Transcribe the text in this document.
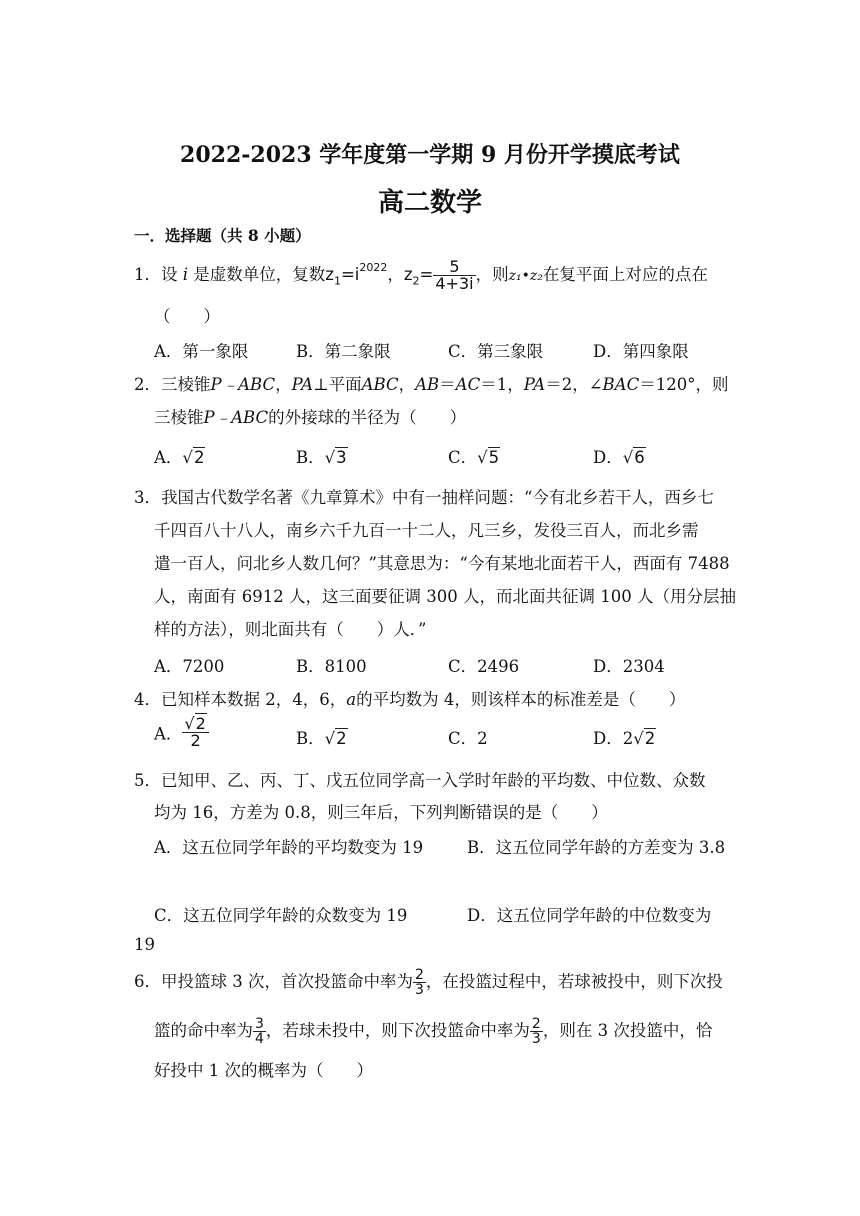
2022-2023 学年度第一学期 9 月份开学摸底考试
高二数学
一．选择题（共 8 小题）
1．设 i 是虚数单位，复数$z_1=i^{2022}$，$z_2= \frac{5}{4+3i}$ ，则z₁•z₂在复平面上对应的点在
（　　）
A．第一象限	B．第二象限	C．第三象限	D．第四象限
2．三棱锥P﹣ABC，PA⊥平面ABC，AB＝AC＝1，PA＝2，∠BAC＝120°，则
三棱锥P﹣ABC的外接球的半径为（　　）
A．√2	B．√3	C．√5	D．√6
3．我国古代数学名著《九章算术》中有一抽样问题：“今有北乡若干人，西乡七
千四百八十八人，南乡六千九百一十二人，凡三乡，发役三百人，而北乡需
遣一百人，问北乡人数几何？”其意思为：“今有某地北面若干人，西面有 7488
人，南面有 6912 人，这三面要征调 300 人，而北面共征调 100 人（用分层抽
样的方法），则北面共有（　　）人．”
A．7200	B．8100	C．2496	D．2304
4．已知样本数据 2，4，6，a的平均数为 4，则该样本的标准差是（　　）
A． $\frac{√2}{2}$	B．√2	C．2	D．2√2
5．已知甲、乙、丙、丁、戊五位同学高一入学时年龄的平均数、中位数、众数
均为 16，方差为 0.8，则三年后，下列判断错误的是（　　）
A．这五位同学年龄的平均数变为 19	B．这五位同学年龄的方差变为 3.8
C．这五位同学年龄的众数变为 19	D．这五位同学年龄的中位数变为
19
6．甲投篮球 3 次，首次投篮命中率为 $\frac{2}{3}$ ，在投篮过程中，若球被投中，则下次投
篮的命中率为 $\frac{3}{4}$ ，若球未投中，则下次投篮命中率为 $\frac{2}{3}$ ，则在 3 次投篮中，恰
好投中 1 次的概率为（　　）
